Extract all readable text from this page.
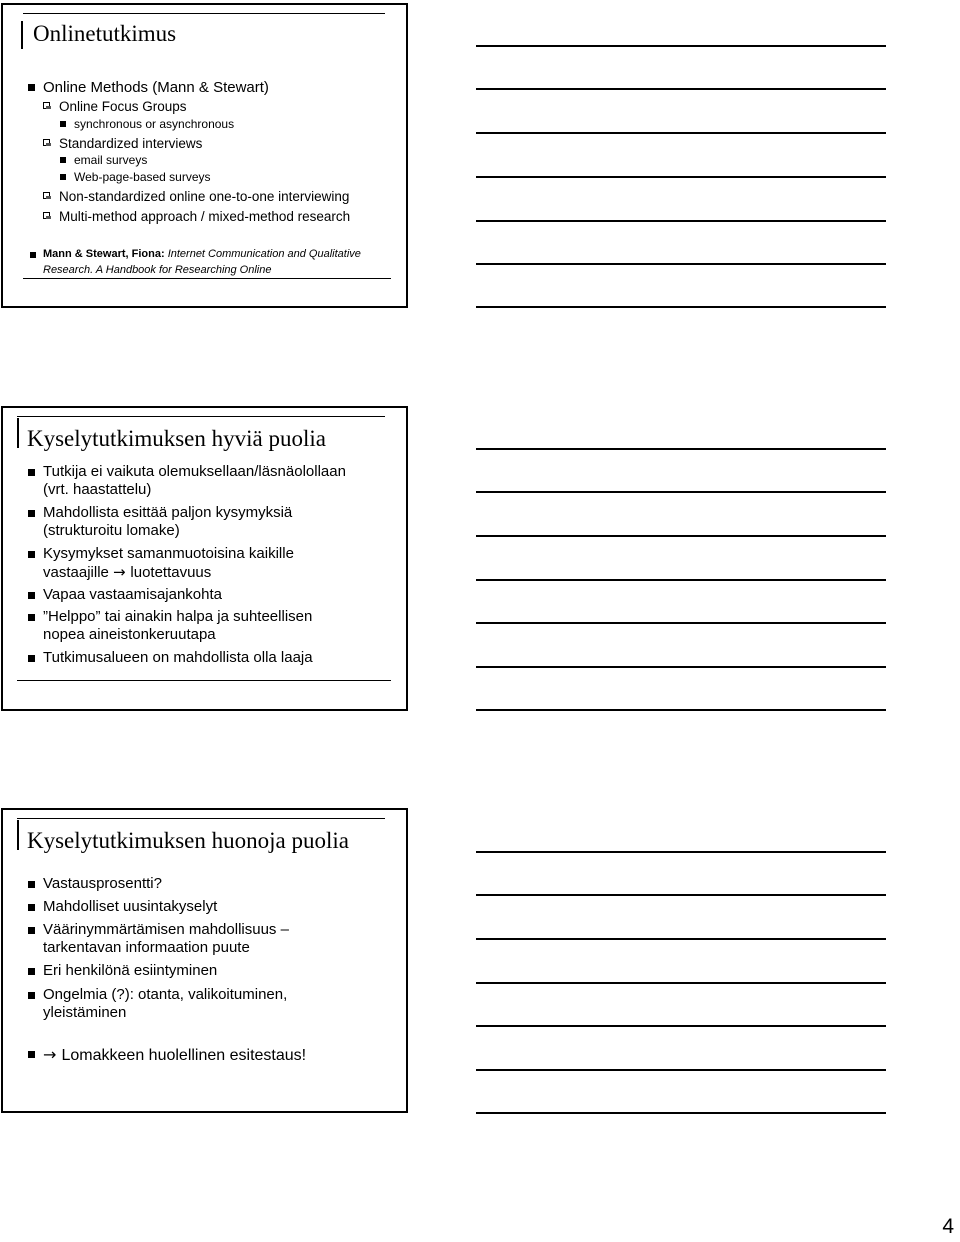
Onlinetutkimus
Online Methods (Mann & Stewart)
Online Focus Groups
synchronous or asynchronous
Standardized interviews
email surveys
Web-page-based surveys
Non-standardized online one-to-one interviewing
Multi-method approach / mixed-method research
Mann & Stewart, Fiona: Internet Communication and Qualitative
Research. A Handbook for Researching Online
Kyselytutkimuksen hyviä puolia
Tutkija ei vaikuta olemuksellaan/läsnäolollaan
(vrt. haastattelu)
Mahdollista esittää paljon kysymyksiä
(strukturoitu lomake)
Kysymykset samanmuotoisina kaikille
vastaajille → luotettavuus
Vapaa vastaamisajankohta
”Helppo” tai ainakin halpa ja suhteellisen
nopea aineistonkeruutapa
Tutkimusalueen on mahdollista olla laaja
Kyselytutkimuksen huonoja puolia
Vastausprosentti?
Mahdolliset uusintakyselyt
Väärinymmärtämisen mahdollisuus –
tarkentavan informaation puute
Eri henkilönä esiintyminen
Ongelmia (?): otanta, valikoituminen,
yleistäminen
→ Lomakkeen huolellinen esitestaus!
4
